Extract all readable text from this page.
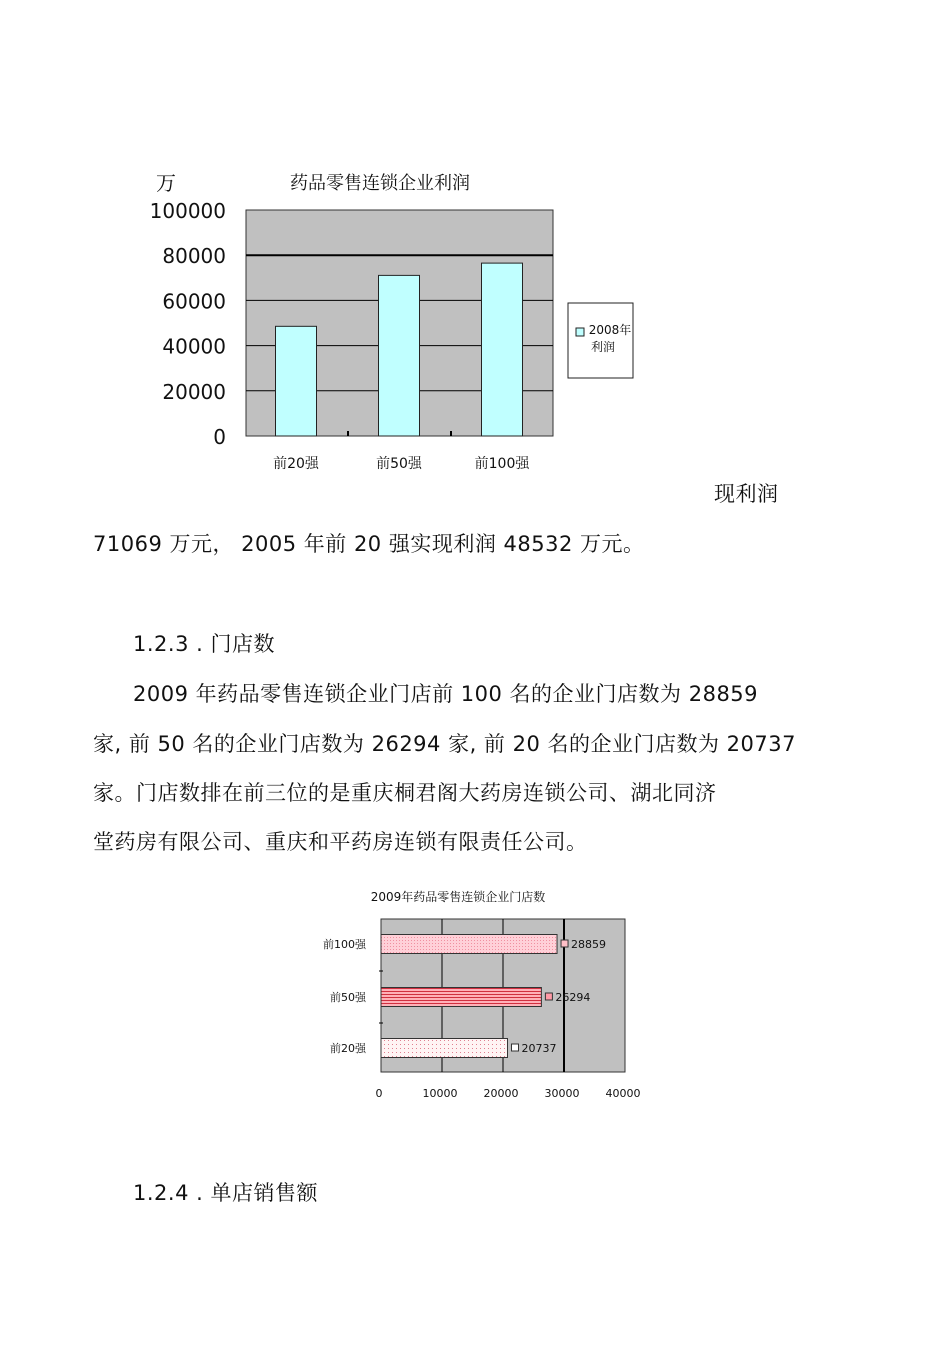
100000
80000
60000
40000
20000
0
万	药品零售连锁企业利润
前20强	前50强	前100强
2008年利润
现利润
71069 万元， 2005 年前 20 强实现利润 48532 万元。
1.2.3 . 门店数
2009 年药品零售连锁企业门店前 100 名的企业门店数为 28859
家, 前 50 名的企业门店数为 26294 家, 前 20 名的企业门店数为 20737
家。门店数排在前三位的是重庆桐君阁大药房连锁公司、湖北同济
堂药房有限公司、重庆和平药房连锁有限责任公司。
0	10000 20000 30000 40000
2009年药品零售连锁企业门店数
前100强	28859
前50强	26294
前20强	20737
1.2.4 . 单店销售额
